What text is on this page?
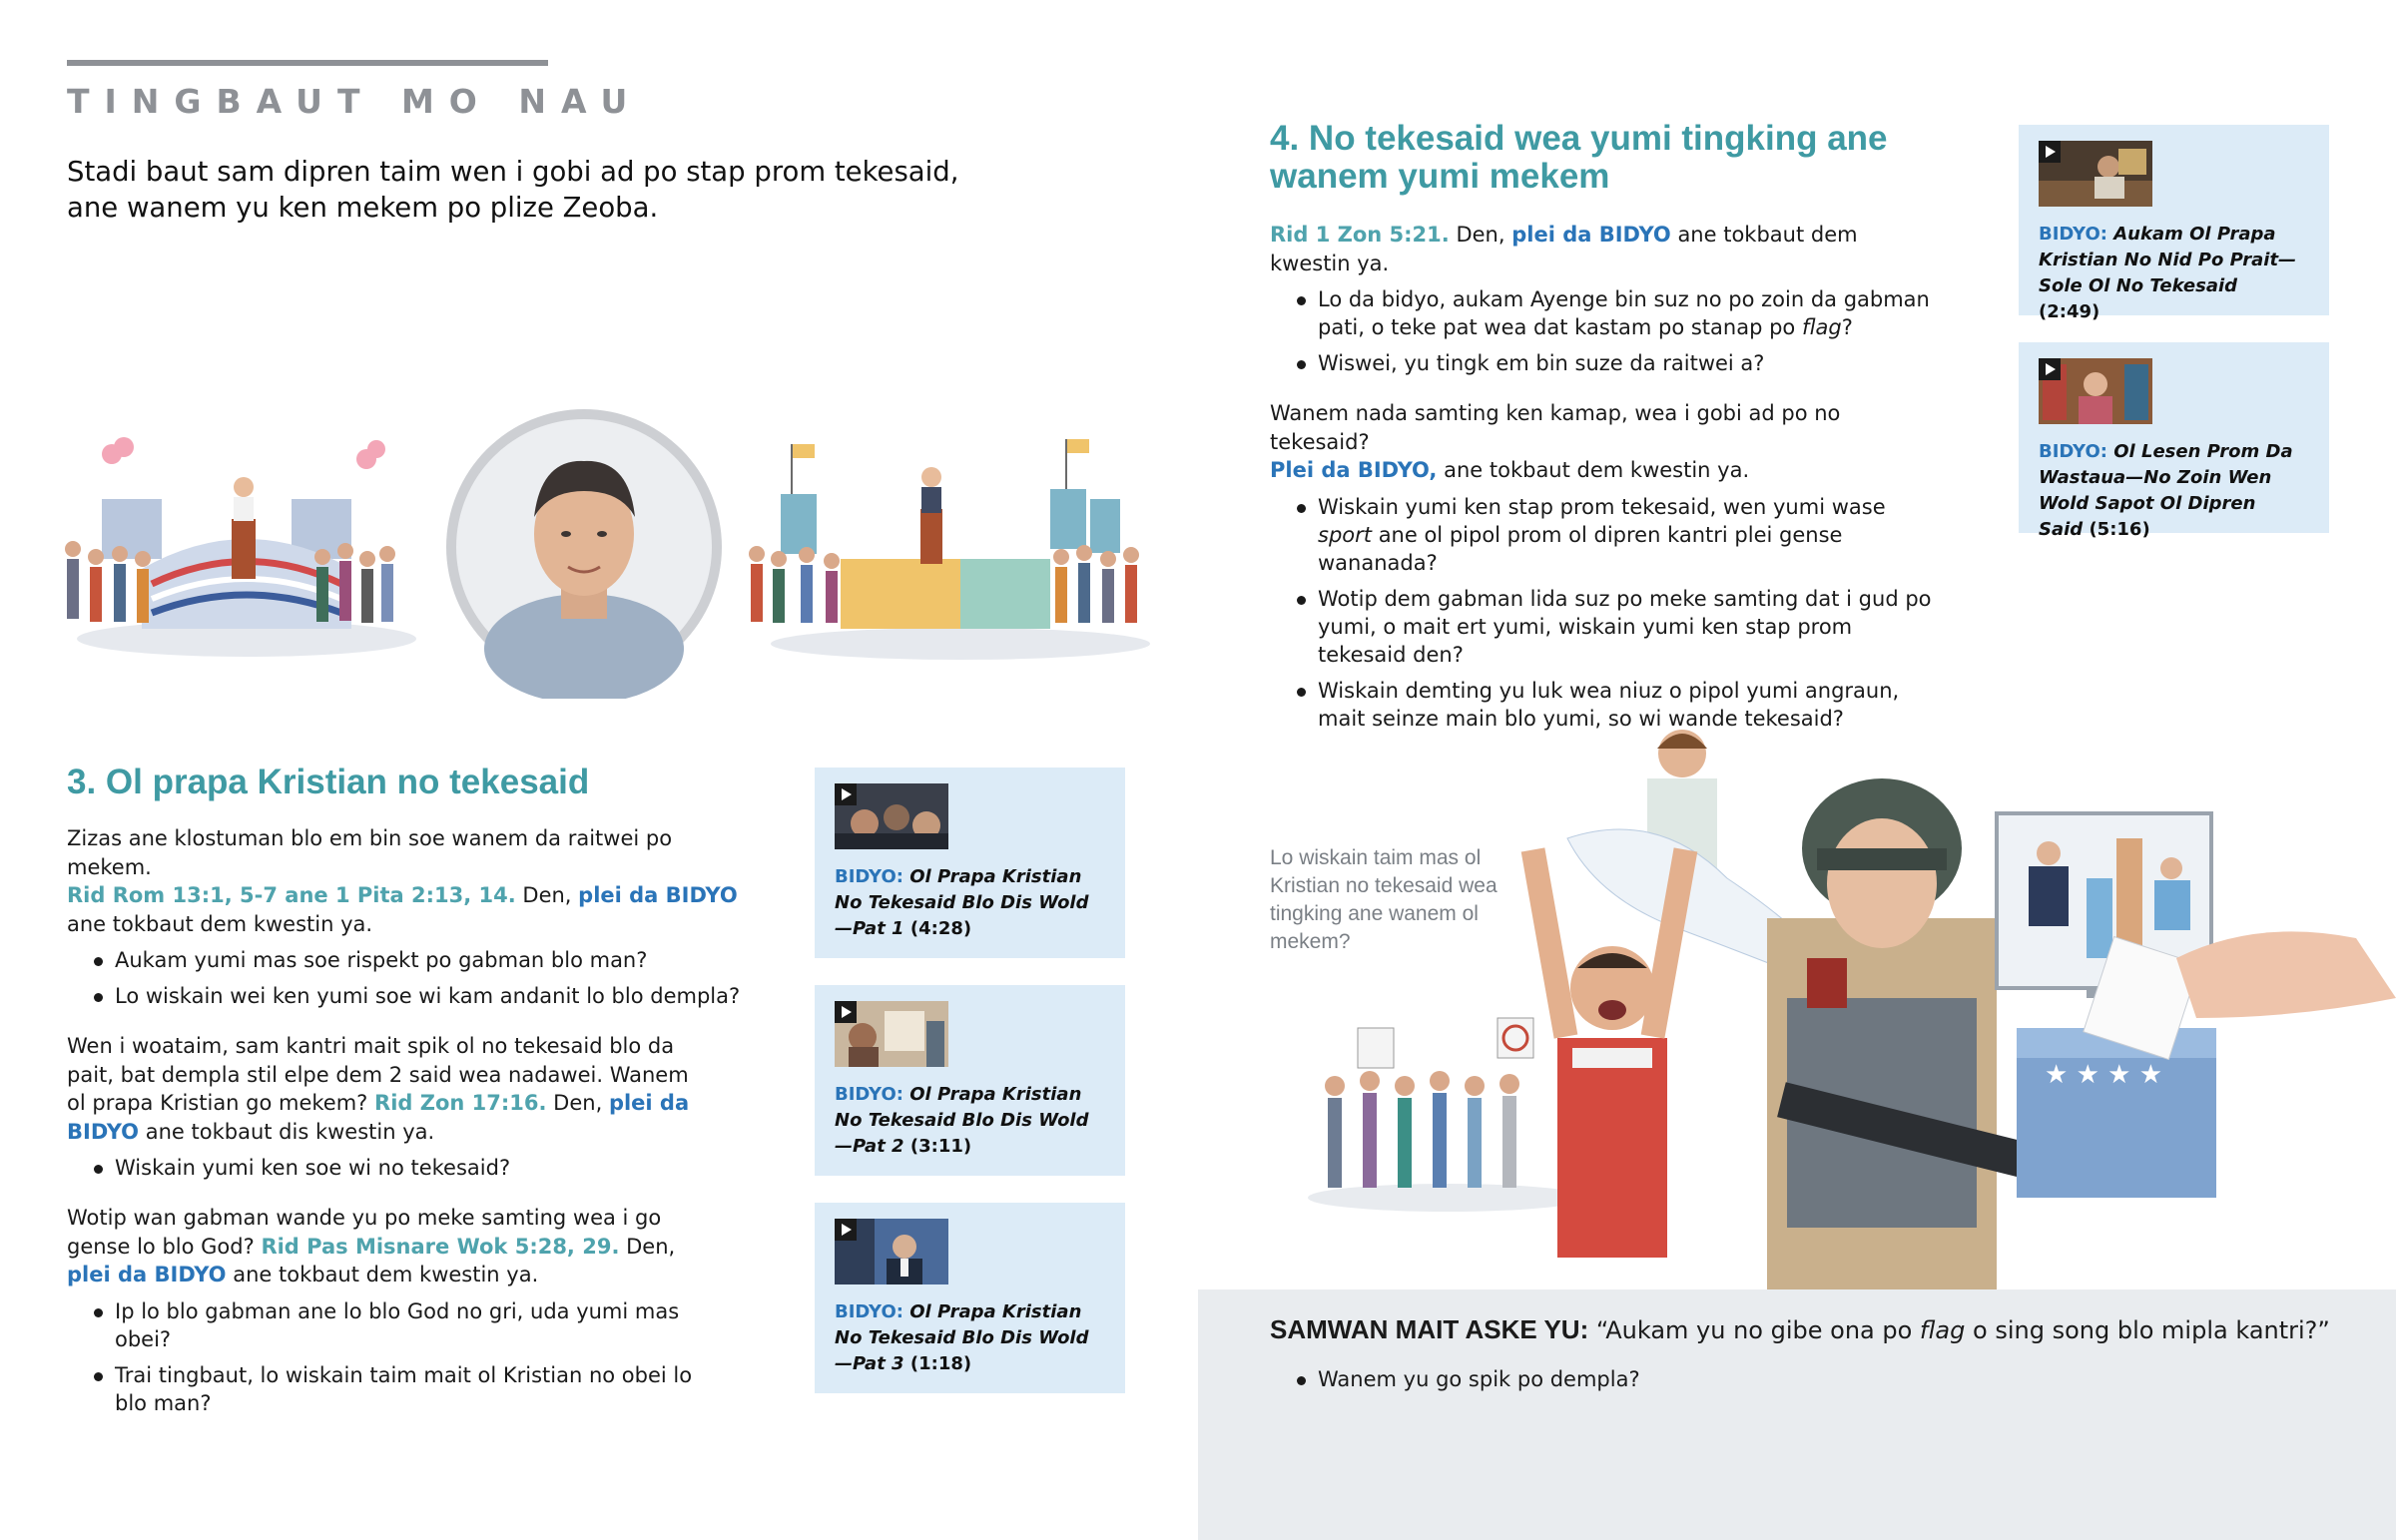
TINGBAUT MO NAU
Stadi baut sam dipren taim wen i gobi ad po stap prom tekesaid,
ane wanem yu ken mekem po plize Zeoba.
3. Ol prapa Kristian no tekesaid
Zizas ane klostuman blo em bin soe wanem da raitwei po mekem.
Rid Rom 13:1, 5-7 ane 1 Pita 2:13, 14. Den, plei da BIDYO ane tokbaut dem kwestin ya.
Aukam yumi mas soe rispekt po gabman blo man?
Lo wiskain wei ken yumi soe wi kam andanit lo blo dempla?
Wen i woataim, sam kantri mait spik ol no tekesaid blo da pait, bat dempla stil elpe dem 2 said wea nadawei. Wanem ol prapa Kristian go mekem? Rid Zon 17:16. Den, plei da BIDYO ane tokbaut dis kwestin ya.
Wiskain yumi ken soe wi no tekesaid?
Wotip wan gabman wande yu po meke samting wea i go gense lo blo God? Rid Pas Misnare Wok 5:28, 29. Den, plei da BIDYO ane tokbaut dem kwestin ya.
Ip lo blo gabman ane lo blo God no gri, uda yumi mas obei?
Trai tingbaut, lo wiskain taim mait ol Kristian no obei lo blo man?
BIDYO: Ol Prapa Kristian No Tekesaid Blo Dis Wold—Pat 1 (4:28)
BIDYO: Ol Prapa Kristian No Tekesaid Blo Dis Wold—Pat 2 (3:11)
BIDYO: Ol Prapa Kristian No Tekesaid Blo Dis Wold—Pat 3 (1:18)
4. No tekesaid wea yumi tingking ane
wanem yumi mekem
Rid 1 Zon 5:21. Den, plei da BIDYO ane tokbaut dem kwestin ya.
Lo da bidyo, aukam Ayenge bin suz no po zoin da gabman pati, o teke pat wea dat kastam po stanap po flag?
Wiswei, yu tingk em bin suze da raitwei a?
Wanem nada samting ken kamap, wea i gobi ad po no tekesaid?
Plei da BIDYO, ane tokbaut dem kwestin ya.
Wiskain yumi ken stap prom tekesaid, wen yumi wase sport ane ol pipol prom ol dipren kantri plei gense wananada?
Wotip dem gabman lida suz po meke samting dat i gud po yumi, o mait ert yumi, wiskain yumi ken stap prom tekesaid den?
Wiskain demting yu luk wea niuz o pipol yumi angraun, mait seinze main blo yumi, so wi wande tekesaid?
BIDYO: Aukam Ol Prapa Kristian No Nid Po Prait—Sole Ol No Tekesaid (2:49)
BIDYO: Ol Lesen Prom Da Wastaua—No Zoin Wen Wold Sapot Ol Dipren Said (5:16)
Lo wiskain taim mas ol Kristian no tekesaid wea tingking ane wanem ol mekem?
★ ★ ★ ★
SAMWAN MAIT ASKE YU: “Aukam yu no gibe ona po flag o sing song blo mipla kantri?”
Wanem yu go spik po dempla?
